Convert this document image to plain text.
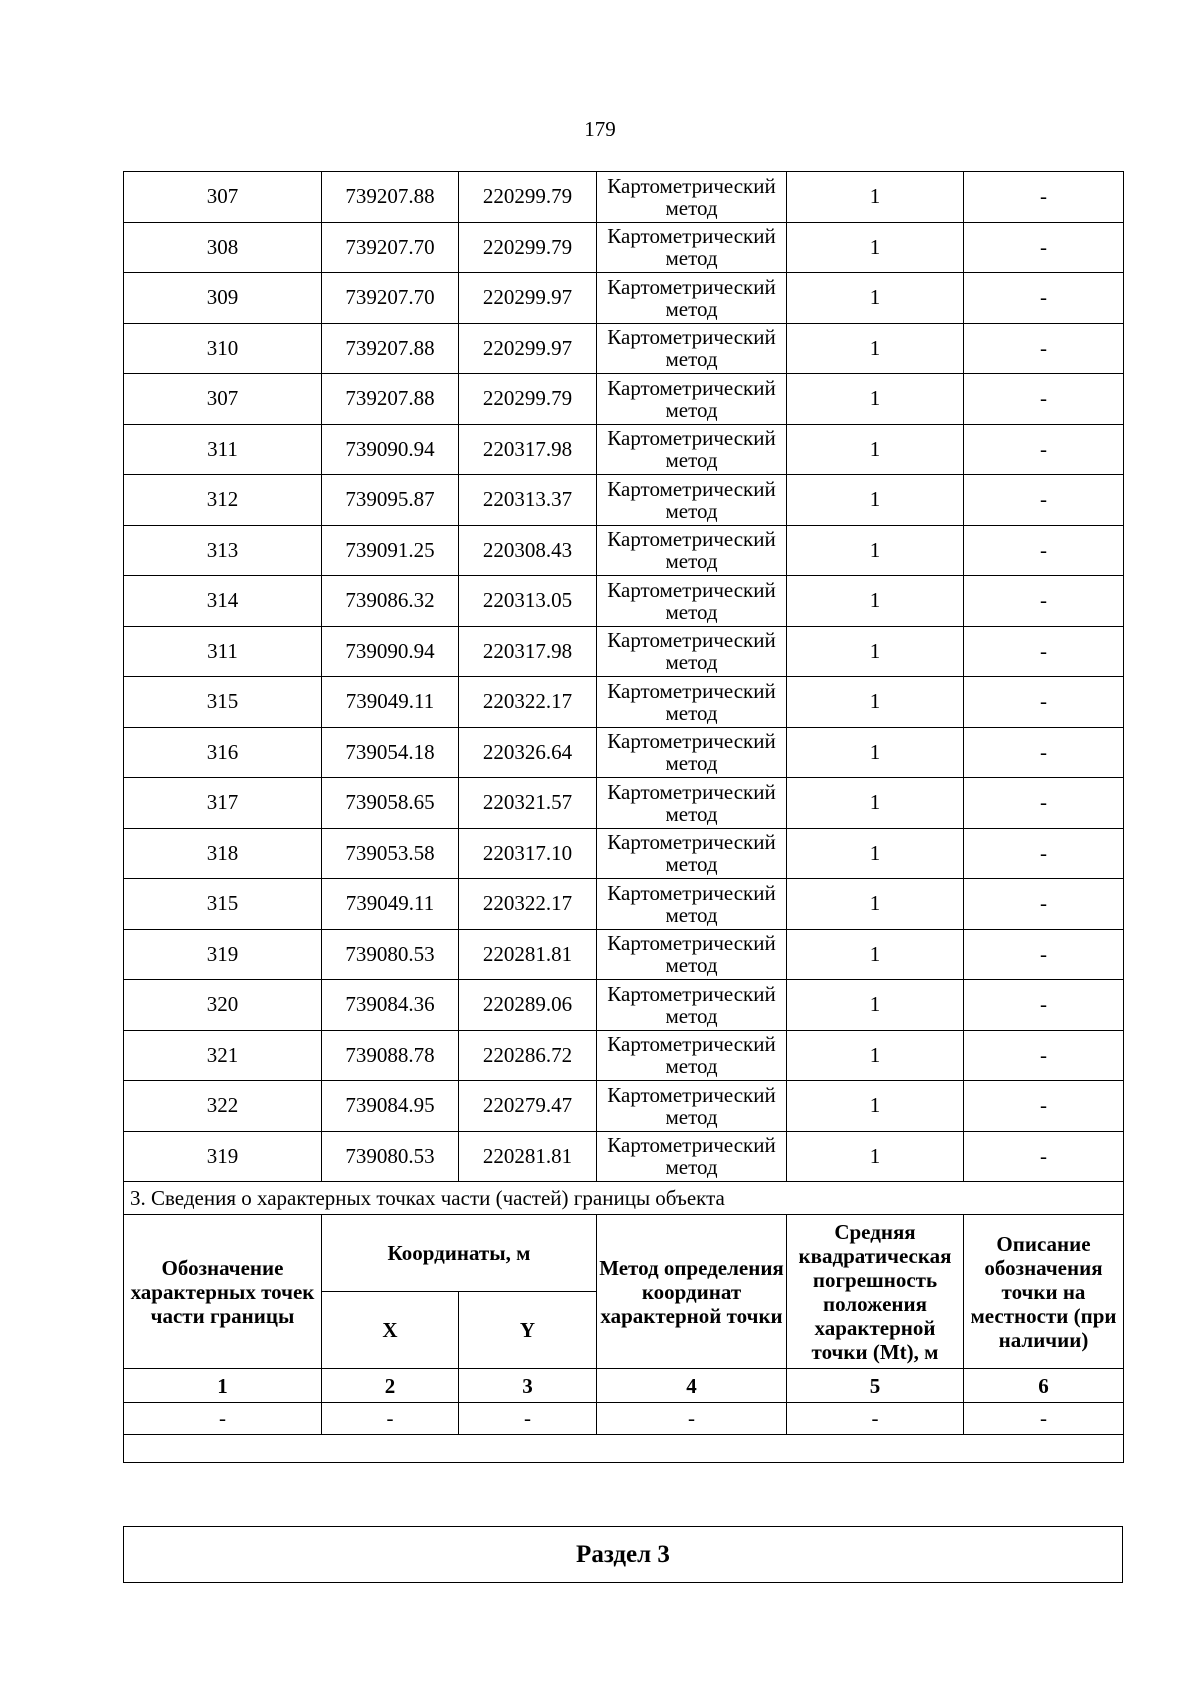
179
307	739207.88	220299.79	Картометрический метод	1	-
308	739207.70	220299.79	Картометрический метод	1	-
309	739207.70	220299.97	Картометрический метод	1	-
310	739207.88	220299.97	Картометрический метод	1	-
307	739207.88	220299.79	Картометрический метод	1	-
311	739090.94	220317.98	Картометрический метод	1	-
312	739095.87	220313.37	Картометрический метод	1	-
313	739091.25	220308.43	Картометрический метод	1	-
314	739086.32	220313.05	Картометрический метод	1	-
311	739090.94	220317.98	Картометрический метод	1	-
315	739049.11	220322.17	Картометрический метод	1	-
316	739054.18	220326.64	Картометрический метод	1	-
317	739058.65	220321.57	Картометрический метод	1	-
318	739053.58	220317.10	Картометрический метод	1	-
315	739049.11	220322.17	Картометрический метод	1	-
319	739080.53	220281.81	Картометрический метод	1	-
320	739084.36	220289.06	Картометрический метод	1	-
321	739088.78	220286.72	Картометрический метод	1	-
322	739084.95	220279.47	Картометрический метод	1	-
319	739080.53	220281.81	Картометрический метод	1	-
3. Сведения о характерных точках части (частей) границы объекта					
Обозначение характерных точек части границы	Координаты, м		Метод определения координат характерной точки	Средняя квадратическая погрешность положения характерной точки (Mt), м	Описание обозначения точки на местности (при наличии)
	X	Y			
1	2	3	4	5	6
-	-	-	-	-	-

Раздел 3
